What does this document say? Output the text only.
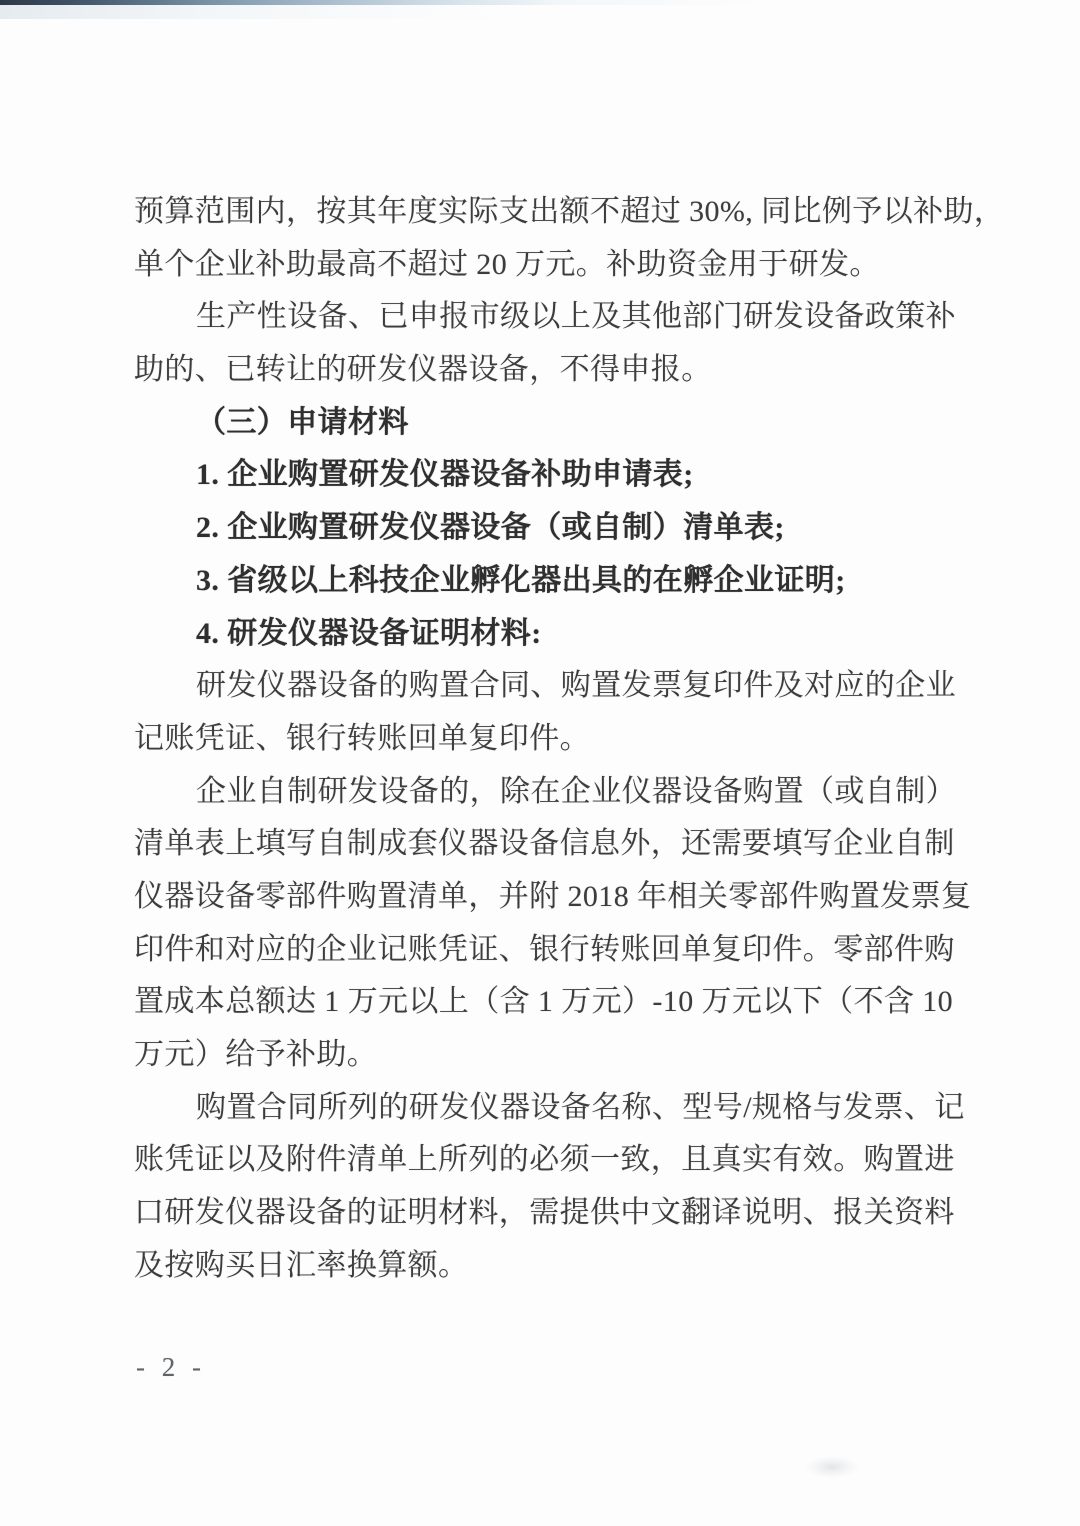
预算范围内，按其年度实际支出额不超过 30%, 同比例予以补助，
单个企业补助最高不超过 20 万元。补助资金用于研发。
生产性设备、已申报市级以上及其他部门研发设备政策补
助的、已转让的研发仪器设备，不得申报。
（三）申请材料
1. 企业购置研发仪器设备补助申请表;
2. 企业购置研发仪器设备（或自制）清单表;
3. 省级以上科技企业孵化器出具的在孵企业证明;
4. 研发仪器设备证明材料:
研发仪器设备的购置合同、购置发票复印件及对应的企业
记账凭证、银行转账回单复印件。
企业自制研发设备的，除在企业仪器设备购置（或自制）
清单表上填写自制成套仪器设备信息外，还需要填写企业自制
仪器设备零部件购置清单，并附 2018 年相关零部件购置发票复
印件和对应的企业记账凭证、银行转账回单复印件。零部件购
置成本总额达 1 万元以上（含 1 万元）-10 万元以下（不含 10
万元）给予补助。
购置合同所列的研发仪器设备名称、型号/规格与发票、记
账凭证以及附件清单上所列的必须一致，且真实有效。购置进
口研发仪器设备的证明材料，需提供中文翻译说明、报关资料
及按购买日汇率换算额。
- 2 -
